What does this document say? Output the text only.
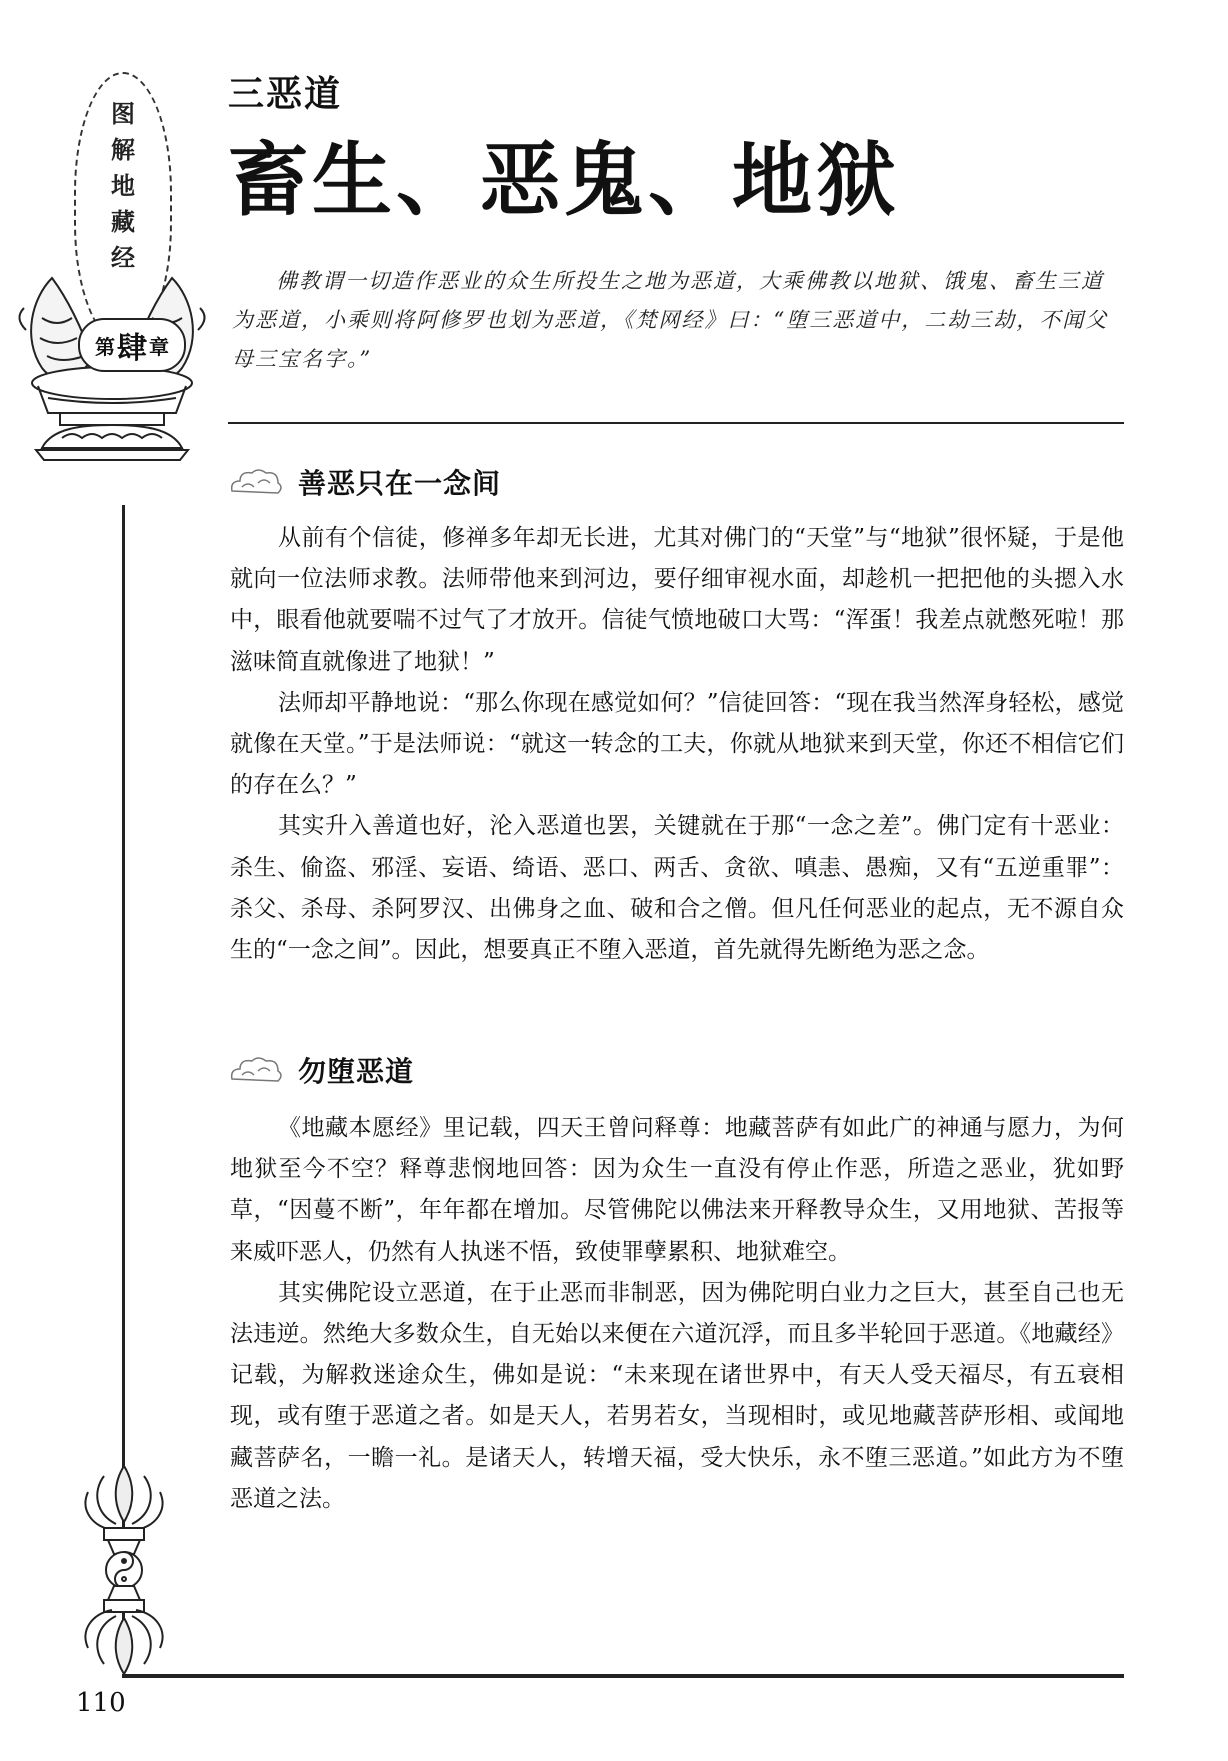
图
解
地
藏
经
第 肆 章
三恶道
畜生、恶鬼、地狱

佛教谓一切造作恶业的众生所投生之地为恶道，大乘佛教以地狱、饿鬼、畜生三道为恶道，小乘则将阿修罗也划为恶道，《梵网经》曰：“堕三恶道中，二劫三劫，不闻父母三宝名字。”

善恶只在一念间

从前有个信徒，修禅多年却无长进，尤其对佛门的“天堂”与“地狱”很怀疑，于是他就向一位法师求教。法师带他来到河边，要仔细审视水面，却趁机一把把他的头摁入水中，眼看他就要喘不过气了才放开。信徒气愤地破口大骂：“浑蛋！我差点就憋死啦！那滋味简直就像进了地狱！”

法师却平静地说：“那么你现在感觉如何？”信徒回答：“现在我当然浑身轻松，感觉就像在天堂。”于是法师说：“就这一转念的工夫，你就从地狱来到天堂，你还不相信它们的存在么？”

其实升入善道也好，沦入恶道也罢，关键就在于那“一念之差”。佛门定有十恶业：杀生、偷盗、邪淫、妄语、绮语、恶口、两舌、贪欲、嗔恚、愚痴，又有“五逆重罪”：杀父、杀母、杀阿罗汉、出佛身之血、破和合之僧。但凡任何恶业的起点，无不源自众生的“一念之间”。因此，想要真正不堕入恶道，首先就得先断绝为恶之念。

勿堕恶道

《地藏本愿经》里记载，四天王曾问释尊：地藏菩萨有如此广的神通与愿力，为何地狱至今不空？释尊悲悯地回答：因为众生一直没有停止作恶，所造之恶业，犹如野草，“因蔓不断”，年年都在增加。尽管佛陀以佛法来开释教导众生，又用地狱、苦报等来威吓恶人，仍然有人执迷不悟，致使罪孽累积、地狱难空。

其实佛陀设立恶道，在于止恶而非制恶，因为佛陀明白业力之巨大，甚至自己也无法违逆。然绝大多数众生，自无始以来便在六道沉浮，而且多半轮回于恶道。《地藏经》记载，为解救迷途众生，佛如是说：“未来现在诸世界中，有天人受天福尽，有五衰相现，或有堕于恶道之者。如是天人，若男若女，当现相时，或见地藏菩萨形相、或闻地藏菩萨名，一瞻一礼。是诸天人，转增天福，受大快乐，永不堕三恶道。”如此方为不堕恶道之法。

110
